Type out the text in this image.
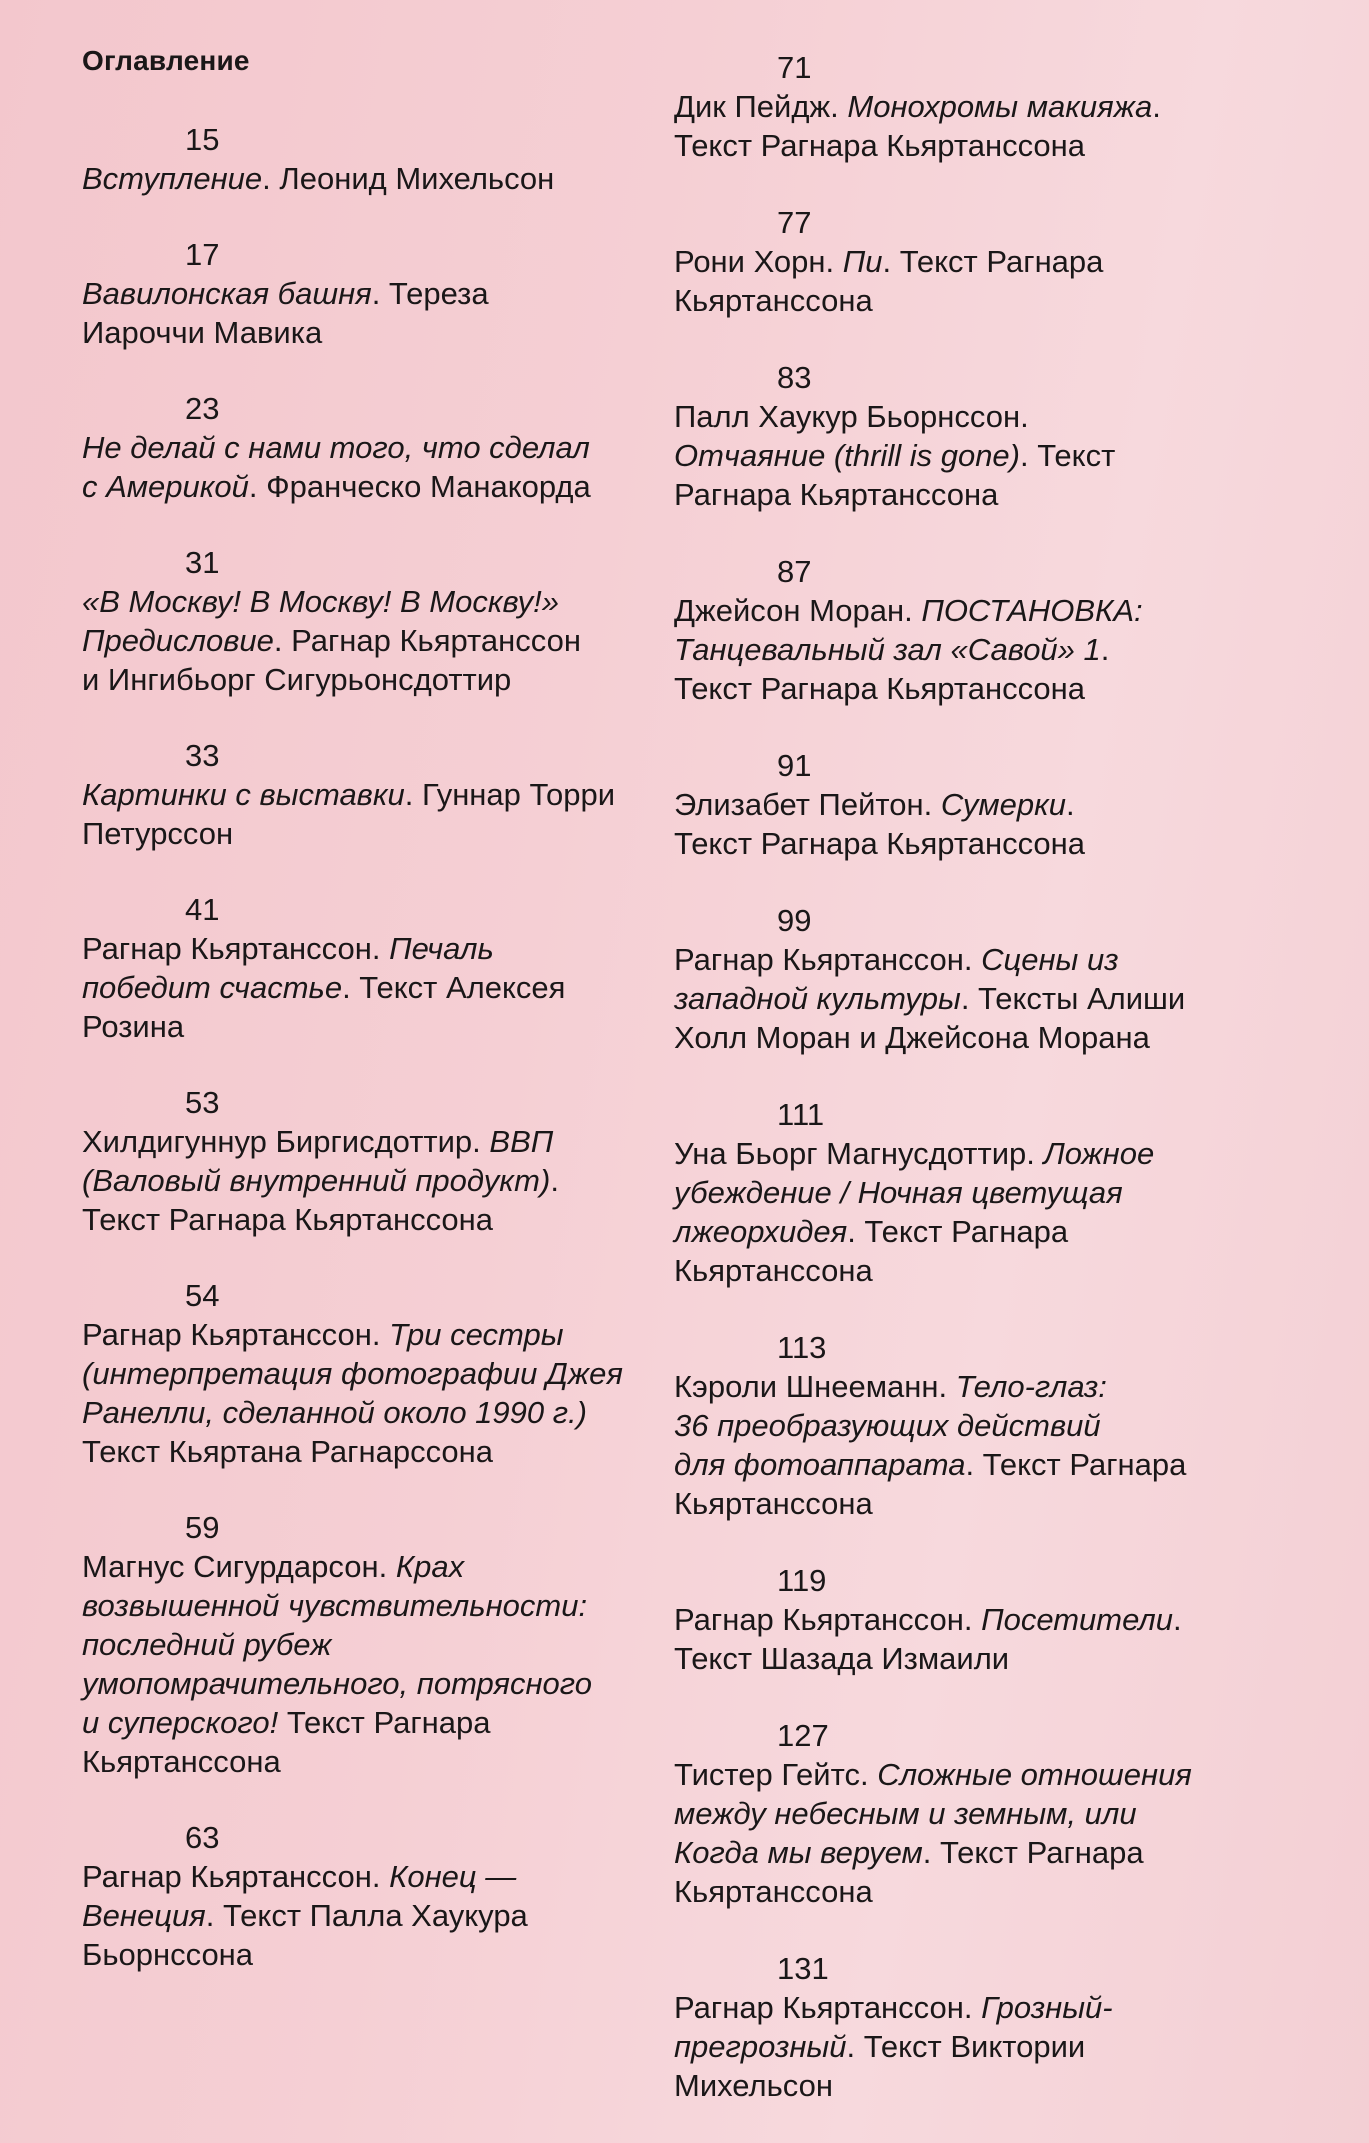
Оглавление
15
Вступление. Леонид Михельсон
17
Вавилонская башня. Тереза
Иароччи Мавика
23
Не делай с нами того, что сделал
с Америкой. Франческо Манакорда
31
«В Москву! В Москву! В Москву!»
Предисловие. Рагнар Кьяртанссон
и Ингибьорг Сигурьонсдоттир
33
Картинки с выставки. Гуннар Торри
Петурссон
41
Рагнар Кьяртанссон. Печаль
победит счастье. Текст Алексея
Розина
53
Хилдигуннур Биргисдоттир. ВВП
(Валовый внутренний продукт).
Текст Рагнара Кьяртанссона
54
Рагнар Кьяртанссон. Три сестры
(интерпретация фотографии Джея
Ранелли, сделанной около 1990 г.)
Текст Кьяртана Рагнарссона
59
Магнус Сигурдарсон. Крах
возвышенной чувствительности:
последний рубеж
умопомрачительного, потрясного
и суперского! Текст Рагнара
Кьяртанссона
63
Рагнар Кьяртанссон. Конец —
Венеция. Текст Палла Хаукура
Бьорнссона
71
Дик Пейдж. Монохромы макияжа.
Текст Рагнара Кьяртанссона
77
Рони Хорн. Пи. Текст Рагнара
Кьяртанссона
83
Палл Хаукур Бьорнссон.
Отчаяние (thrill is gone). Текст
Рагнара Кьяртанссона
87
Джейсон Моран. ПОСТАНОВКА:
Танцевальный зал «Савой» 1.
Текст Рагнара Кьяртанссона
91
Элизабет Пейтон. Сумерки.
Текст Рагнара Кьяртанссона
99
Рагнар Кьяртанссон. Сцены из
западной культуры. Тексты Алиши
Холл Моран и Джейсона Морана
111
Уна Бьорг Магнусдоттир. Ложное
убеждение / Ночная цветущая
лжеорхидея. Текст Рагнара
Кьяртанссона
113
Кэроли Шнееманн. Тело-глаз:
36 преобразующих действий
для фотоаппарата. Текст Рагнара
Кьяртанссона
119
Рагнар Кьяртанссон. Посетители.
Текст Шазада Измаили
127
Тистер Гейтс. Сложные отношения
между небесным и земным, или
Когда мы веруем. Текст Рагнара
Кьяртанссона
131
Рагнар Кьяртанссон. Грозный-
прегрозный. Текст Виктории
Михельсон
